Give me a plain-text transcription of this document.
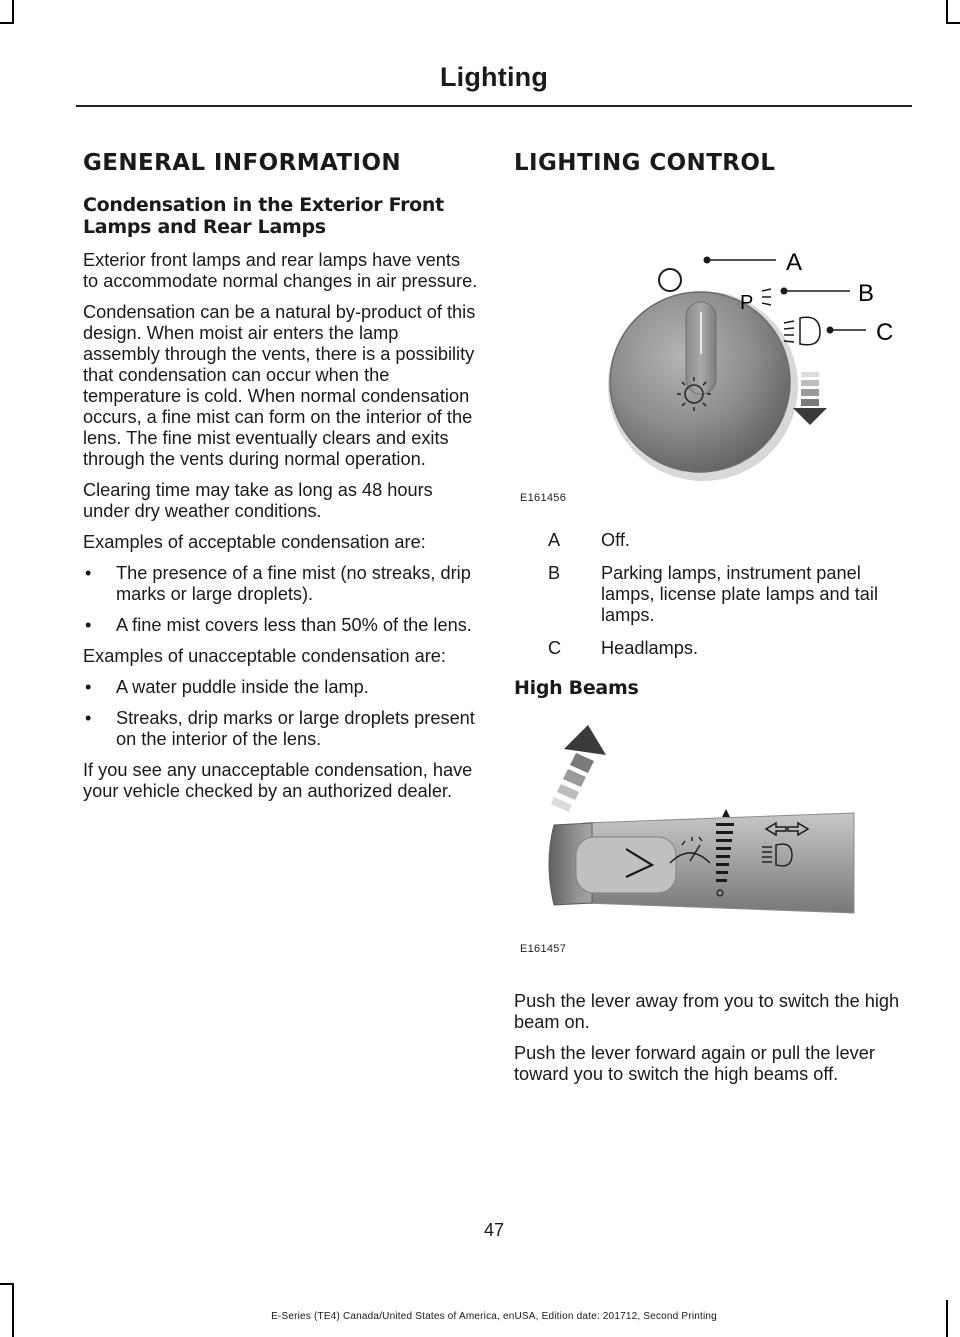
Lighting
GENERAL INFORMATION
Condensation in the Exterior Front Lamps and Rear Lamps

Exterior front lamps and rear lamps have vents to accommodate normal changes in air pressure.

Condensation can be a natural by-product of this design. When moist air enters the lamp assembly through the vents, there is a possibility that condensation can occur when the temperature is cold. When normal condensation occurs, a fine mist can form on the interior of the lens. The fine mist eventually clears and exits through the vents during normal operation.

Clearing time may take as long as 48 hours under dry weather conditions.

Examples of acceptable condensation are:

• The presence of a fine mist (no streaks, drip marks or large droplets).
• A fine mist covers less than 50% of the lens.

Examples of unacceptable condensation are:

• A water puddle inside the lamp.
• Streaks, drip marks or large droplets present on the interior of the lens.

If you see any unacceptable condensation, have your vehicle checked by an authorized dealer.

LIGHTING CONTROL
A
P	B
C
E161456
A	Off.
B	Parking lamps, instrument panel lamps, license plate lamps and tail lamps.
C	Headlamps.
High Beams
E161457

Push the lever away from you to switch the high beam on.

Push the lever forward again or pull the lever toward you to switch the high beams off.

47
E-Series (TE4) Canada/United States of America, enUSA, Edition date: 201712, Second Printing
